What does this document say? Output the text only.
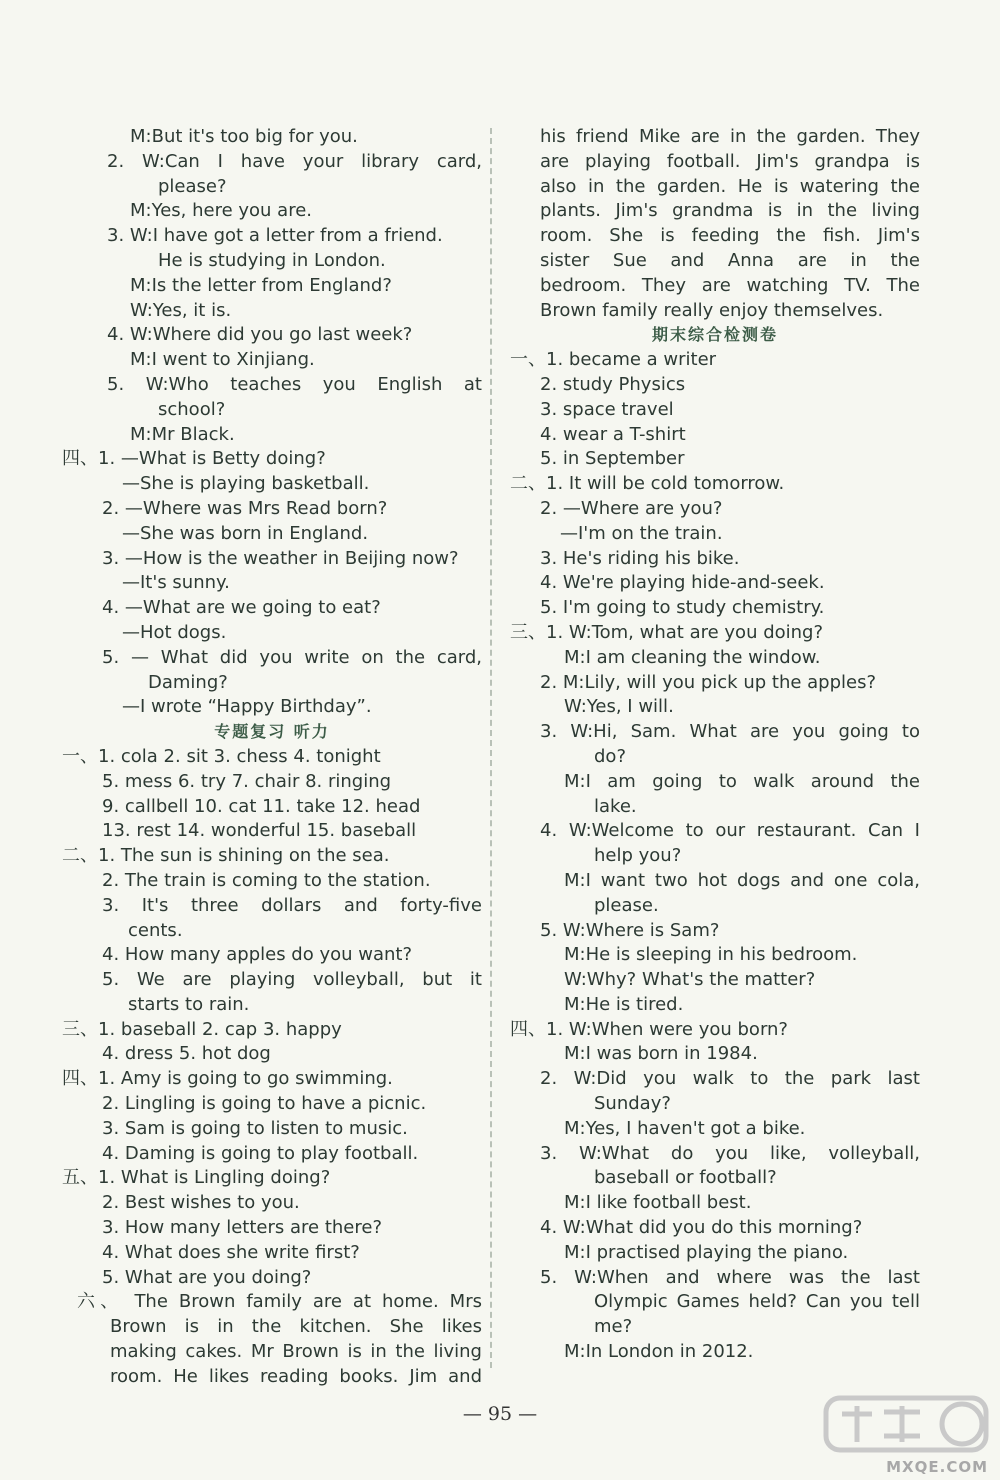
M:But it's too big for you.
2. W:Can I have your library card,
please?
M:Yes, here you are.
3. W:I have got a letter from a friend.
He is studying in London.
M:Is the letter from England?
W:Yes, it is.
4. W:Where did you go last week?
M:I went to Xinjiang.
5. W:Who teaches you English at
school?
M:Mr Black.
四、1. —What is Betty doing?
—She is playing basketball.
2. —Where was Mrs Read born?
—She was born in England.
3. —How is the weather in Beijing now?
—It's sunny.
4. —What are we going to eat?
—Hot dogs.
5. — What did you write on the card,
Daming?
—I wrote “Happy Birthday”.
专题复习 听力
一、1. cola 2. sit 3. chess 4. tonight
5. mess 6. try 7. chair 8. ringing
9. callbell 10. cat 11. take 12. head
13. rest 14. wonderful 15. baseball
二、1. The sun is shining on the sea.
2. The train is coming to the station.
3. It's three dollars and forty-five
cents.
4. How many apples do you want?
5. We are playing volleyball, but it
starts to rain.
三、1. baseball 2. cap 3. happy
4. dress 5. hot dog
四、1. Amy is going to go swimming.
2. Lingling is going to have a picnic.
3. Sam is going to listen to music.
4. Daming is going to play football.
五、1. What is Lingling doing?
2. Best wishes to you.
3. How many letters are there?
4. What does she write first?
5. What are you doing?
六、 The Brown family are at home. Mrs
Brown is in the kitchen. She likes
making cakes. Mr Brown is in the living
room. He likes reading books. Jim and
his friend Mike are in the garden. They
are playing football. Jim's grandpa is
also in the garden. He is watering the
plants. Jim's grandma is in the living
room. She is feeding the fish. Jim's
sister Sue and Anna are in the
bedroom. They are watching TV. The
Brown family really enjoy themselves.
期末综合检测卷
一、1. became a writer
2. study Physics
3. space travel
4. wear a T-shirt
5. in September
二、1. It will be cold tomorrow.
2. —Where are you?
—I'm on the train.
3. He's riding his bike.
4. We're playing hide-and-seek.
5. I'm going to study chemistry.
三、1. W:Tom, what are you doing?
M:I am cleaning the window.
2. M:Lily, will you pick up the apples?
W:Yes, I will.
3. W:Hi, Sam. What are you going to
do?
M:I am going to walk around the
lake.
4. W:Welcome to our restaurant. Can I
help you?
M:I want two hot dogs and one cola,
please.
5. W:Where is Sam?
M:He is sleeping in his bedroom.
W:Why? What's the matter?
M:He is tired.
四、1. W:When were you born?
M:I was born in 1984.
2. W:Did you walk to the park last
Sunday?
M:Yes, I haven't got a bike.
3. W:What do you like, volleyball,
baseball or football?
M:I like football best.
4. W:What did you do this morning?
M:I practised playing the piano.
5. W:When and where was the last
Olympic Games held? Can you tell
me?
M:In London in 2012.
— 95 —
MXQE.COM
